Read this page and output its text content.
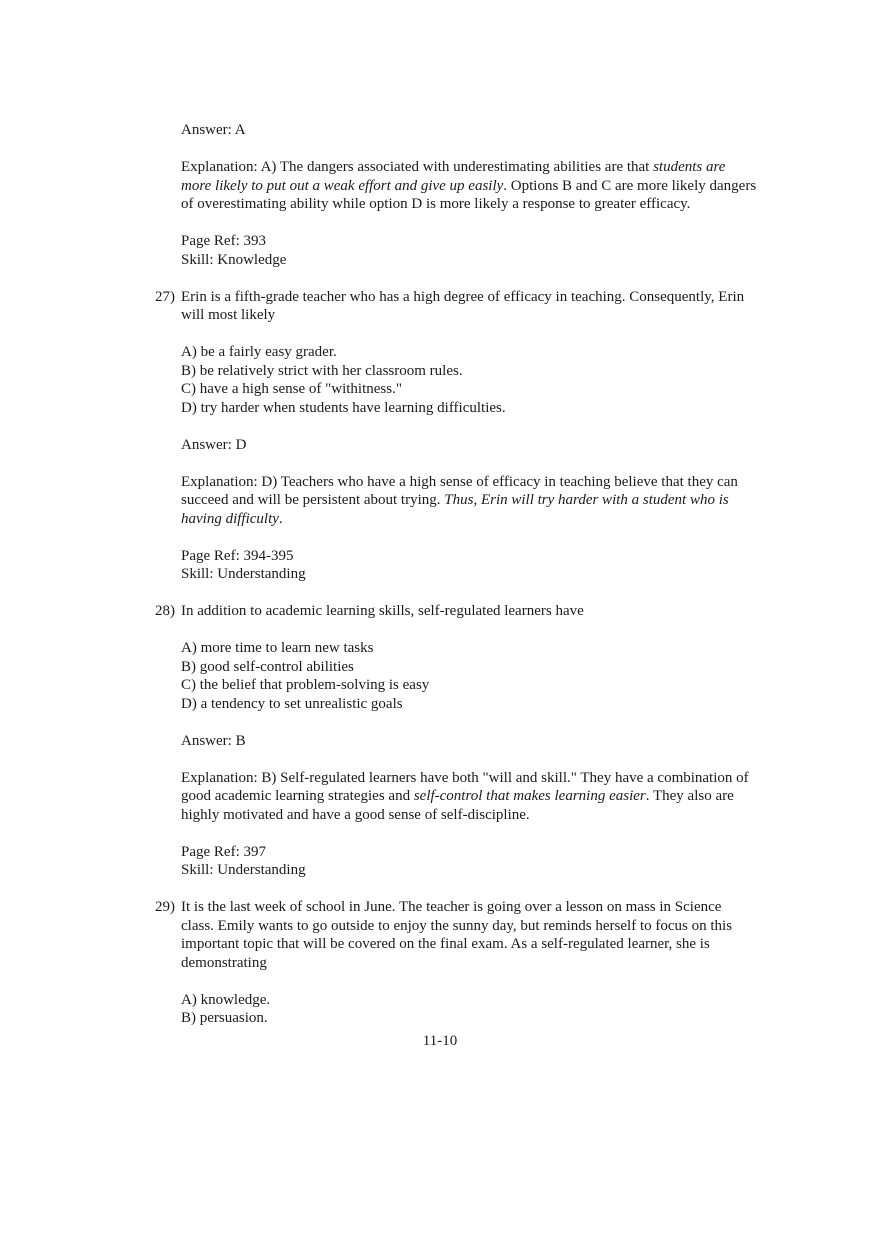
Answer: A

Explanation: A) The dangers associated with underestimating abilities are that students are more likely to put out a weak effort and give up easily. Options B and C are more likely dangers of overestimating ability while option D is more likely a response to greater efficacy.

Page Ref: 393

Skill: Knowledge

27) Erin is a fifth-grade teacher who has a high degree of efficacy in teaching. Consequently, Erin will most likely

A) be a fairly easy grader.

B) be relatively strict with her classroom rules.

C) have a high sense of "withitness."

D) try harder when students have learning difficulties.

Answer: D

Explanation: D) Teachers who have a high sense of efficacy in teaching believe that they can succeed and will be persistent about trying. Thus, Erin will try harder with a student who is having difficulty.

Page Ref: 394-395

Skill: Understanding

28) In addition to academic learning skills, self-regulated learners have

A) more time to learn new tasks

B) good self-control abilities

C) the belief that problem-solving is easy

D) a tendency to set unrealistic goals

Answer: B

Explanation: B) Self-regulated learners have both "will and skill." They have a combination of good academic learning strategies and self-control that makes learning easier. They also are highly motivated and have a good sense of self-discipline.

Page Ref: 397

Skill: Understanding

29) It is the last week of school in June. The teacher is going over a lesson on mass in Science class. Emily wants to go outside to enjoy the sunny day, but reminds herself to focus on this important topic that will be covered on the final exam. As a self-regulated learner, she is demonstrating

A) knowledge.

B) persuasion.

11-10
